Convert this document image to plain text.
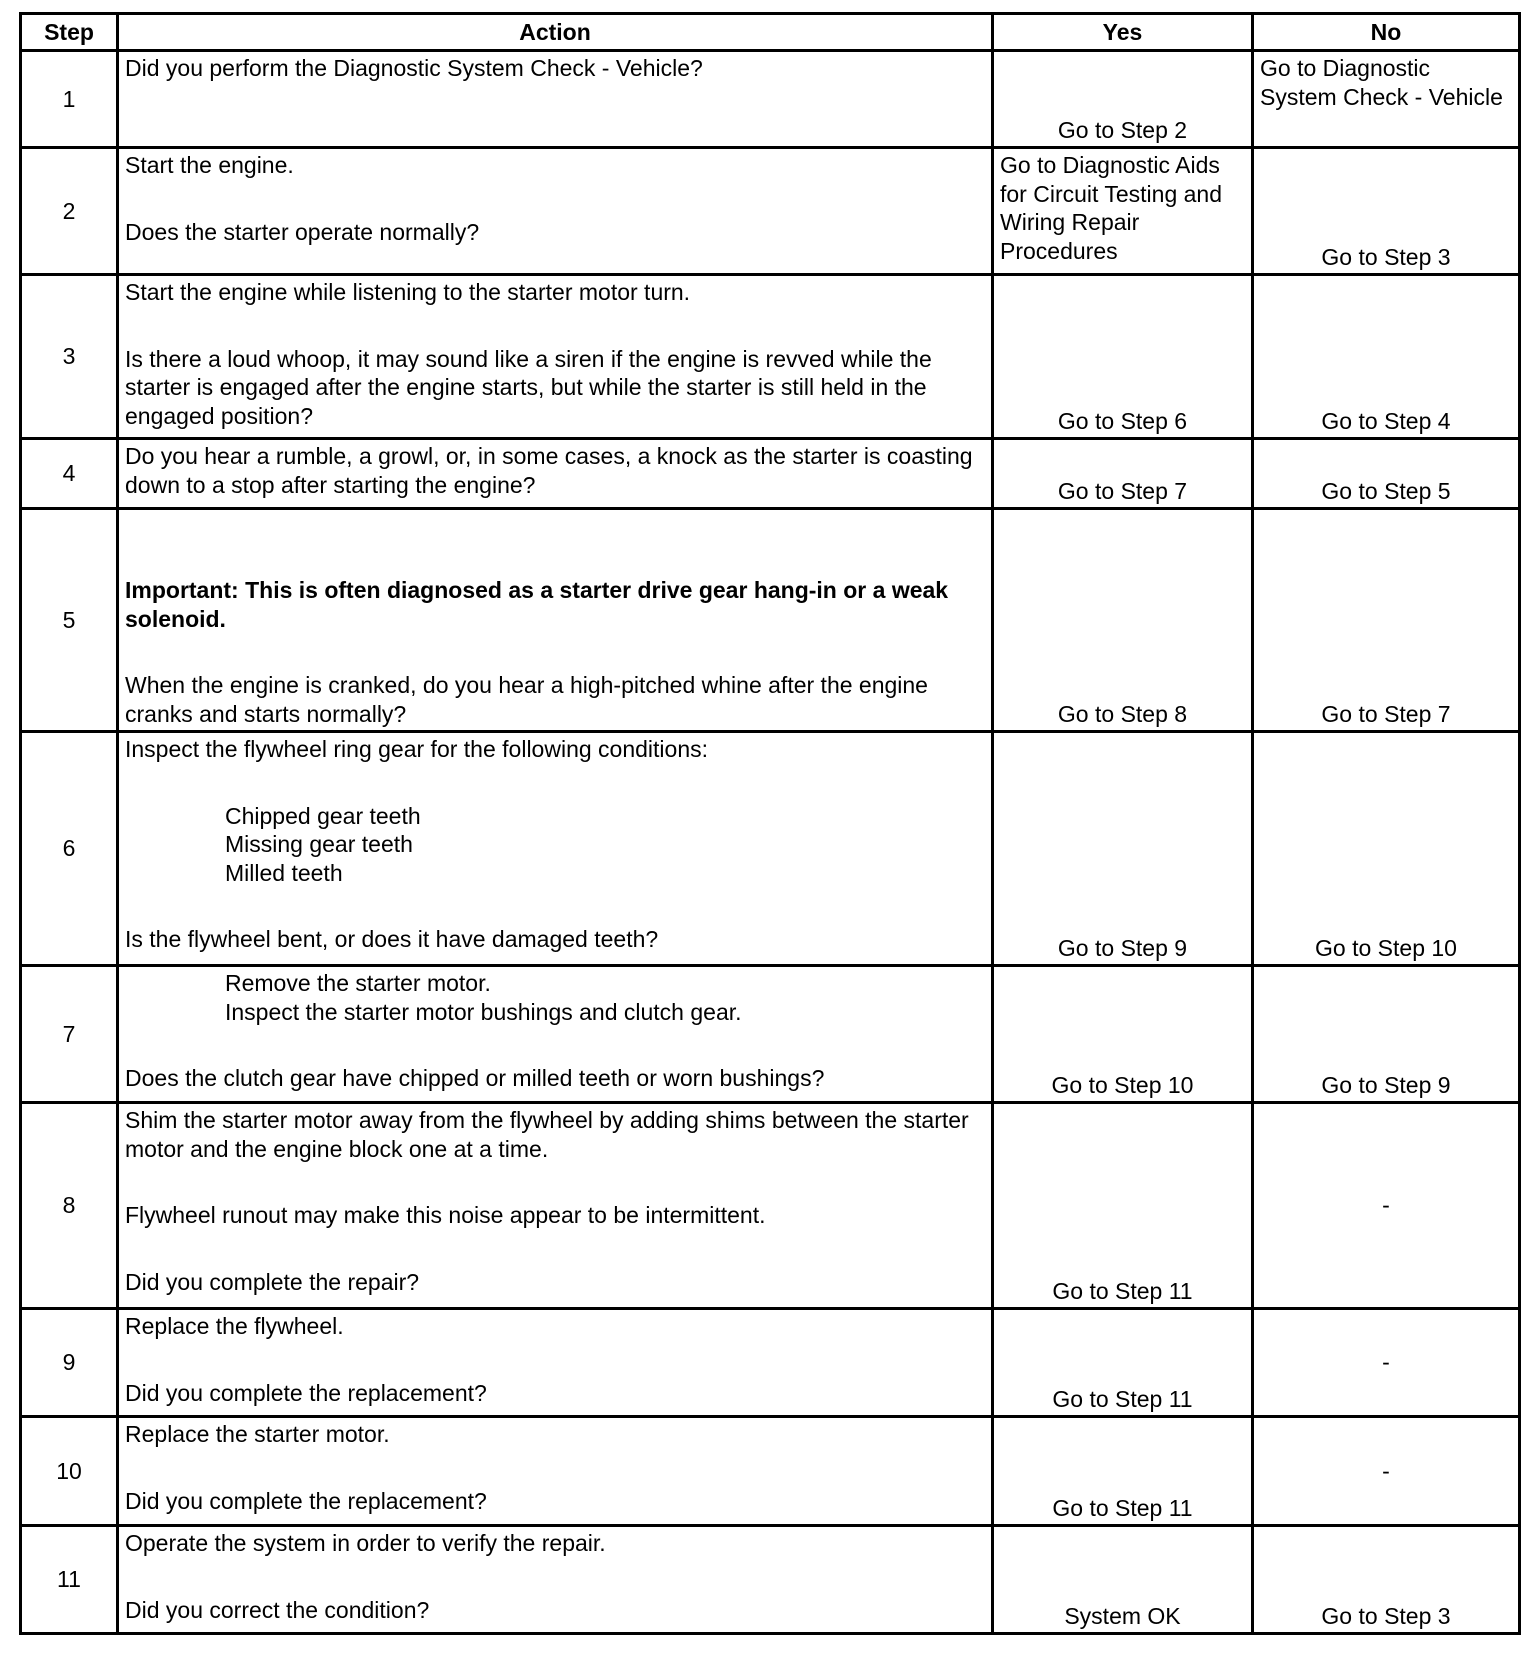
Step	Action	Yes	No
1	Did you perform the Diagnostic System Check - Vehicle?	Go to Step 2	Go to Diagnostic System Check - Vehicle
2	Start the engine.
Does the starter operate normally?	Go to Diagnostic Aids for Circuit Testing and Wiring Repair Procedures	Go to Step 3
3	Start the engine while listening to the starter motor turn.
Is there a loud whoop, it may sound like a siren if the engine is revved while the starter is engaged after the engine starts, but while the starter is still held in the engaged position?	Go to Step 6	Go to Step 4
4	Do you hear a rumble, a growl, or, in some cases, a knock as the starter is coasting down to a stop after starting the engine?	Go to Step 7	Go to Step 5
5	Important: This is often diagnosed as a starter drive gear hang-in or a weak solenoid.
When the engine is cranked, do you hear a high-pitched whine after the engine cranks and starts normally?	Go to Step 8	Go to Step 7
6	Inspect the flywheel ring gear for the following conditions:
Chipped gear teeth
Missing gear teeth
Milled teeth
Is the flywheel bent, or does it have damaged teeth?	Go to Step 9	Go to Step 10
7	Remove the starter motor.
Inspect the starter motor bushings and clutch gear.
Does the clutch gear have chipped or milled teeth or worn bushings?	Go to Step 10	Go to Step 9
8	Shim the starter motor away from the flywheel by adding shims between the starter motor and the engine block one at a time.
Flywheel runout may make this noise appear to be intermittent.
Did you complete the repair?	Go to Step 11	-
9	Replace the flywheel.
Did you complete the replacement?	Go to Step 11	-
10	Replace the starter motor.
Did you complete the replacement?	Go to Step 11	-
11	Operate the system in order to verify the repair.
Did you correct the condition?	System OK	Go to Step 3
